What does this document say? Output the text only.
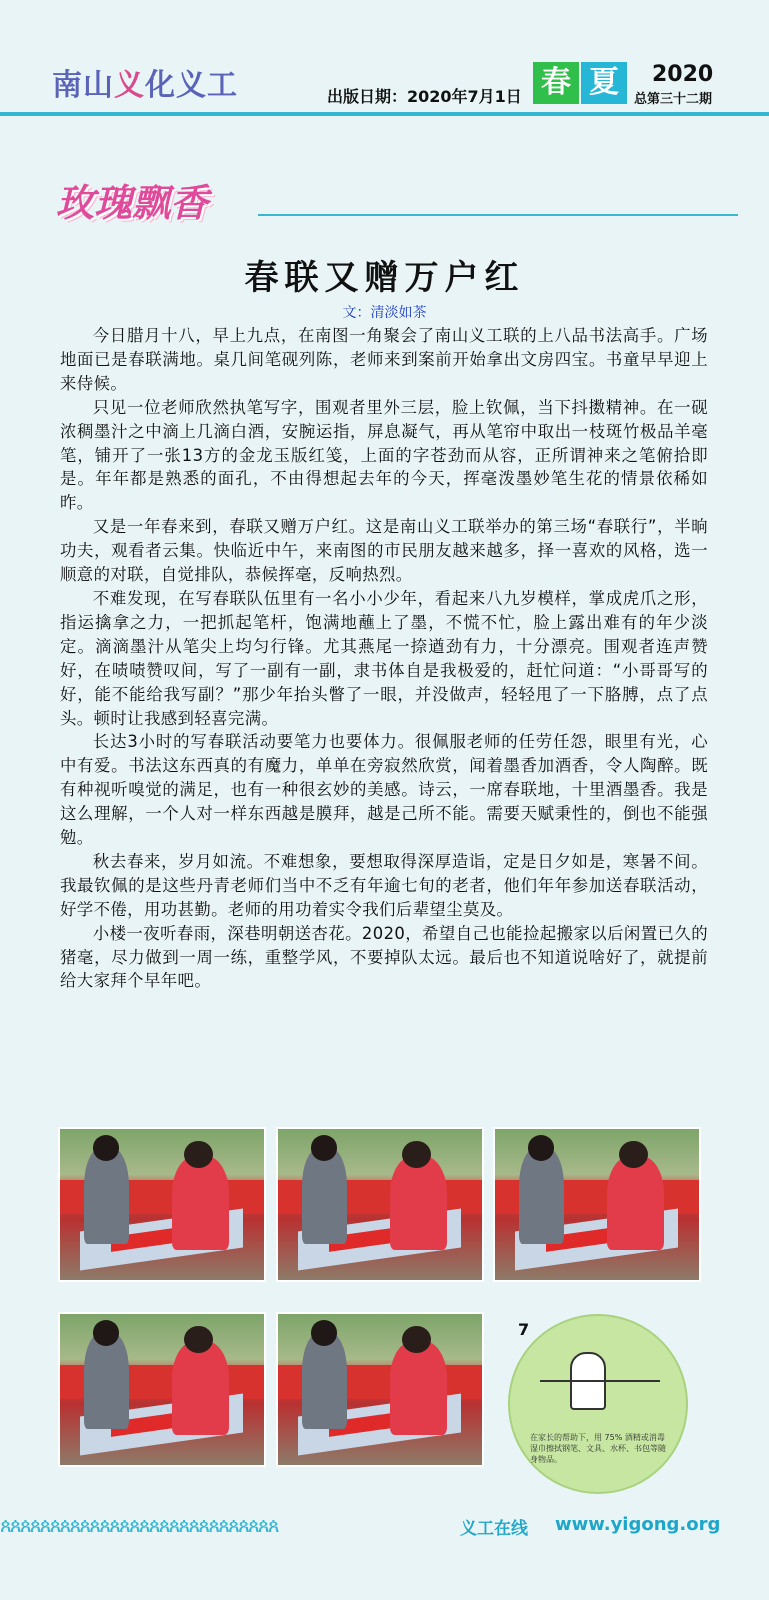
南山义化义工	出版日期：2020年7月1日 春 夏	2020
总第三十二期
玫瑰飘香
春联又赠万户红
文：清淡如茶

今日腊月十八，早上九点，在南图一角聚会了南山义工联的上八品书法高手。广场地面已是春联满地。桌几间笔砚列陈，老师来到案前开始拿出文房四宝。书童早早迎上来侍候。

只见一位老师欣然执笔写字，围观者里外三层，脸上钦佩，当下抖擞精神。在一砚浓稠墨汁之中滴上几滴白酒，安腕运指，屏息凝气，再从笔帘中取出一枝斑竹极品羊毫笔，铺开了一张13方的金龙玉版红笺，上面的字苍劲而从容，正所谓神来之笔俯拾即是。年年都是熟悉的面孔，不由得想起去年的今天，挥毫泼墨妙笔生花的情景依稀如昨。

又是一年春来到，春联又赠万户红。这是南山义工联举办的第三场“春联行”，半晌功夫，观看者云集。快临近中午，来南图的市民朋友越来越多，择一喜欢的风格，选一顺意的对联，自觉排队，恭候挥毫，反响热烈。

不难发现，在写春联队伍里有一名小小少年，看起来八九岁模样，掌成虎爪之形，指运擒拿之力，一把抓起笔杆，饱满地蘸上了墨，不慌不忙，脸上露出难有的年少淡定。滴滴墨汁从笔尖上均匀行锋。尤其燕尾一捺遒劲有力，十分漂亮。围观者连声赞好，在啧啧赞叹间，写了一副有一副，隶书体自是我极爱的，赶忙问道：“小哥哥写的好，能不能给我写副？”那少年抬头瞥了一眼，并没做声，轻轻甩了一下胳膊，点了点头。顿时让我感到轻喜完满。

长达3小时的写春联活动要笔力也要体力。很佩服老师的任劳任怨，眼里有光，心中有爱。书法这东西真的有魔力，单单在旁寂然欣赏，闻着墨香加酒香，令人陶醉。既有种视听嗅觉的满足，也有一种很玄妙的美感。诗云，一席春联地，十里酒墨香。我是这么理解，一个人对一样东西越是膜拜，越是己所不能。需要天赋秉性的，倒也不能强勉。

秋去春来，岁月如流。不难想象，要想取得深厚造诣，定是日夕如是，寒暑不间。我最钦佩的是这些丹青老师们当中不乏有年逾七旬的老者，他们年年参加送春联活动，好学不倦，用功甚勤。老师的用功着实令我们后辈望尘莫及。

小楼一夜听春雨，深巷明朝送杏花。2020，希望自己也能捡起搬家以后闲置已久的猪毫，尽力做到一周一练，重整学风，不要掉队太远。最后也不知道说啥好了，就提前给大家拜个早年吧。

7
在家长的帮助下，用 75% 酒精或消毒湿巾擦拭钢笔、文具、水杯、书包等随身物品。
ጰጰጰጰጰጰጰጰጰጰጰጰጰጰጰጰጰጰጰጰጰጰጰጰጰጰጰጰ	义工在线 www.yigong.org
